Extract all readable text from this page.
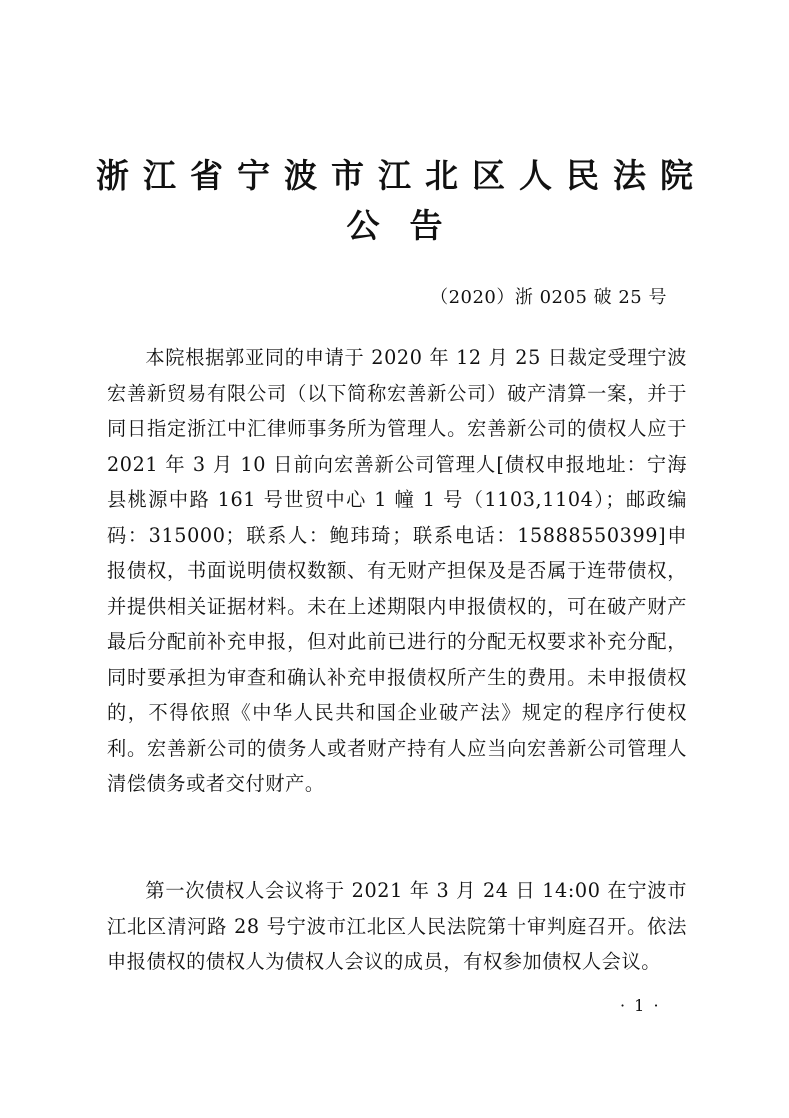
浙江省宁波市江北区人民法院
公告
（2020）浙 0205 破 25 号

本院根据郭亚同的申请于 2020 年 12 月 25 日裁定受理宁波宏善新贸易有限公司（以下简称宏善新公司）破产清算一案，并于同日指定浙江中汇律师事务所为管理人。宏善新公司的债权人应于 2021 年 3 月 10 日前向宏善新公司管理人[债权申报地址：宁海县桃源中路 161 号世贸中心 1 幢 1 号（1103,1104）；邮政编码：315000；联系人：鲍玮琦；联系电话：15888550399]申报债权，书面说明债权数额、有无财产担保及是否属于连带债权，并提供相关证据材料。未在上述期限内申报债权的，可在破产财产最后分配前补充申报，但对此前已进行的分配无权要求补充分配，同时要承担为审查和确认补充申报债权所产生的费用。未申报债权的，不得依照《中华人民共和国企业破产法》规定的程序行使权利。宏善新公司的债务人或者财产持有人应当向宏善新公司管理人清偿债务或者交付财产。

第一次债权人会议将于 2021 年 3 月 24 日 14:00 在宁波市江北区清河路 28 号宁波市江北区人民法院第十审判庭召开。依法申报债权的债权人为债权人会议的成员，有权参加债权人会议。

· 1 ·
